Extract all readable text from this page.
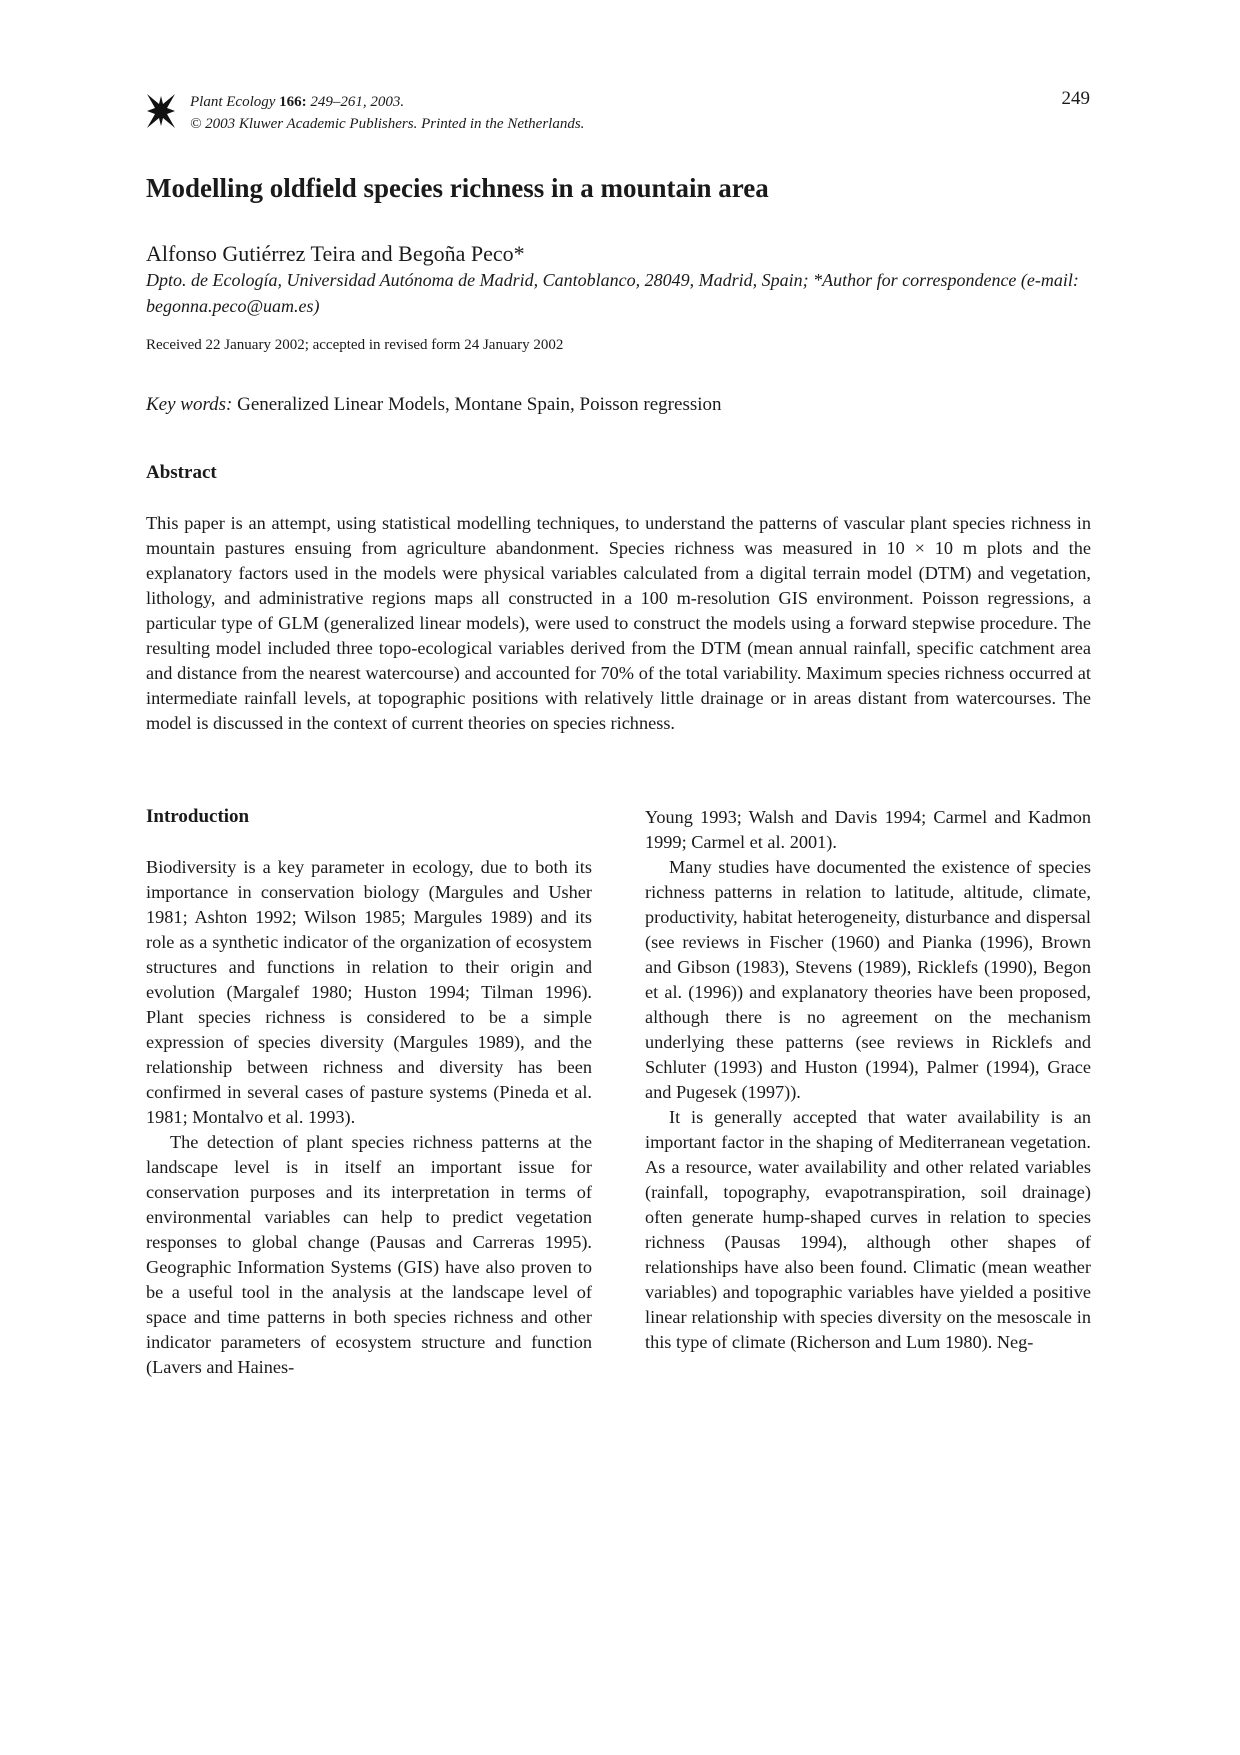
Plant Ecology 166: 249–261, 2003.
© 2003 Kluwer Academic Publishers. Printed in the Netherlands.
249
Modelling oldfield species richness in a mountain area
Alfonso Gutiérrez Teira and Begoña Peco*
Dpto. de Ecología, Universidad Autónoma de Madrid, Cantoblanco, 28049, Madrid, Spain; *Author for correspondence (e-mail: begonna.peco@uam.es)
Received 22 January 2002; accepted in revised form 24 January 2002
Key words: Generalized Linear Models, Montane Spain, Poisson regression
Abstract

This paper is an attempt, using statistical modelling techniques, to understand the patterns of vascular plant species richness in mountain pastures ensuing from agriculture abandonment. Species richness was measured in 10 × 10 m plots and the explanatory factors used in the models were physical variables calculated from a digital terrain model (DTM) and vegetation, lithology, and administrative regions maps all constructed in a 100 m-resolution GIS environment. Poisson regressions, a particular type of GLM (generalized linear models), were used to construct the models using a forward stepwise procedure. The resulting model included three topo-ecological variables derived from the DTM (mean annual rainfall, specific catchment area and distance from the nearest watercourse) and accounted for 70% of the total variability. Maximum species richness occurred at intermediate rainfall levels, at topographic positions with relatively little drainage or in areas distant from watercourses. The model is discussed in the context of current theories on species richness.

Introduction

Biodiversity is a key parameter in ecology, due to both its importance in conservation biology (Margules and Usher 1981; Ashton 1992; Wilson 1985; Margules 1989) and its role as a synthetic indicator of the organization of ecosystem structures and functions in relation to their origin and evolution (Margalef 1980; Huston 1994; Tilman 1996). Plant species richness is considered to be a simple expression of species diversity (Margules 1989), and the relationship between richness and diversity has been confirmed in several cases of pasture systems (Pineda et al. 1981; Montalvo et al. 1993).

The detection of plant species richness patterns at the landscape level is in itself an important issue for conservation purposes and its interpretation in terms of environmental variables can help to predict vegetation responses to global change (Pausas and Carreras 1995). Geographic Information Systems (GIS) have also proven to be a useful tool in the analysis at the landscape level of space and time patterns in both species richness and other indicator parameters of ecosystem structure and function (Lavers and Haines-

Young 1993; Walsh and Davis 1994; Carmel and Kadmon 1999; Carmel et al. 2001).

Many studies have documented the existence of species richness patterns in relation to latitude, altitude, climate, productivity, habitat heterogeneity, disturbance and dispersal (see reviews in Fischer (1960) and Pianka (1996), Brown and Gibson (1983), Stevens (1989), Ricklefs (1990), Begon et al. (1996)) and explanatory theories have been proposed, although there is no agreement on the mechanism underlying these patterns (see reviews in Ricklefs and Schluter (1993) and Huston (1994), Palmer (1994), Grace and Pugesek (1997)).

It is generally accepted that water availability is an important factor in the shaping of Mediterranean vegetation. As a resource, water availability and other related variables (rainfall, topography, evapotranspiration, soil drainage) often generate hump-shaped curves in relation to species richness (Pausas 1994), although other shapes of relationships have also been found. Climatic (mean weather variables) and topographic variables have yielded a positive linear relationship with species diversity on the mesoscale in this type of climate (Richerson and Lum 1980). Neg-
